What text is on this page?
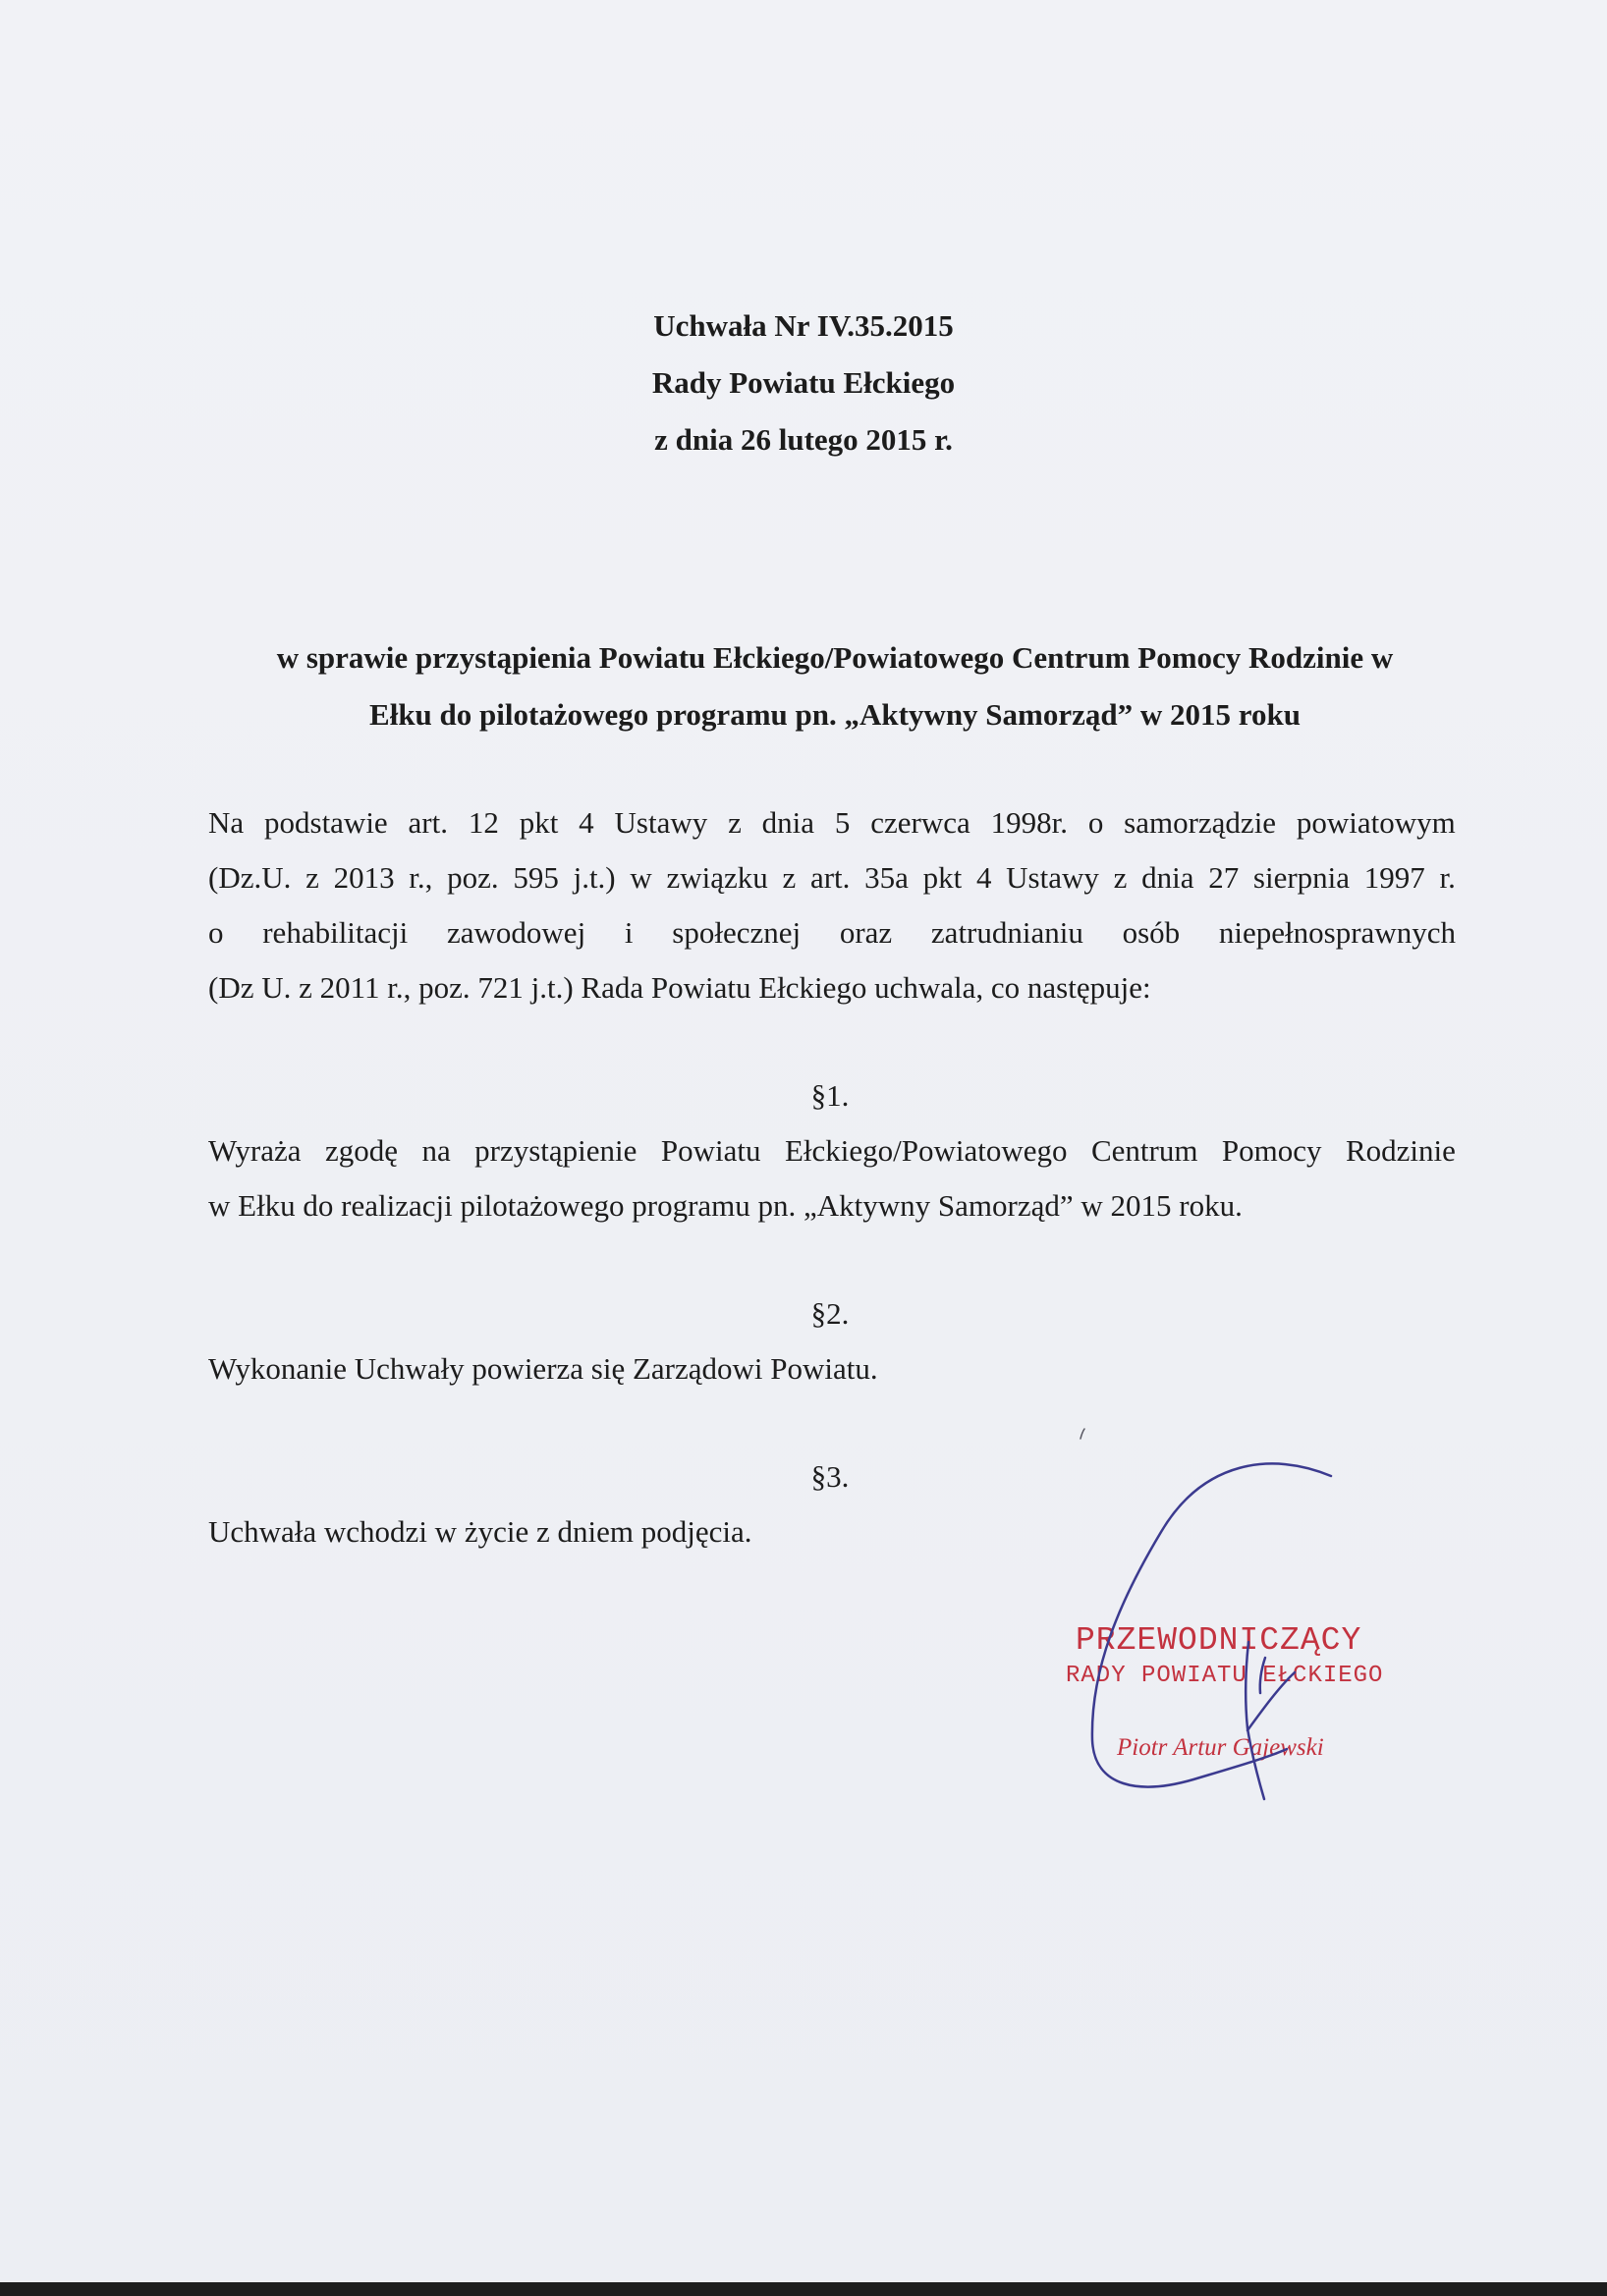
Uchwała Nr IV.35.2015
Rady Powiatu Ełckiego
z dnia 26 lutego 2015 r.
w sprawie przystąpienia Powiatu Ełckiego/Powiatowego Centrum Pomocy Rodzinie w
Ełku do pilotażowego programu pn. „Aktywny Samorząd” w 2015 roku
Na podstawie art. 12 pkt 4 Ustawy z dnia 5 czerwca 1998r. o samorządzie powiatowym
(Dz.U. z 2013 r., poz. 595 j.t.) w związku z art. 35a pkt 4 Ustawy z dnia 27 sierpnia 1997 r.
o rehabilitacji zawodowej i społecznej oraz zatrudnianiu osób niepełnosprawnych
(Dz U. z 2011 r., poz. 721 j.t.) Rada Powiatu Ełckiego uchwala, co następuje:
§1.
Wyraża zgodę na przystąpienie Powiatu Ełckiego/Powiatowego Centrum Pomocy Rodzinie
w Ełku do realizacji pilotażowego programu pn. „Aktywny Samorząd” w 2015 roku.
§2.
Wykonanie Uchwały powierza się Zarządowi Powiatu.
§3.
Uchwała wchodzi w życie z dniem podjęcia.
PRZEWODNICZĄCY
RADY POWIATU EŁCKIEGO
Piotr Artur Gajewski
